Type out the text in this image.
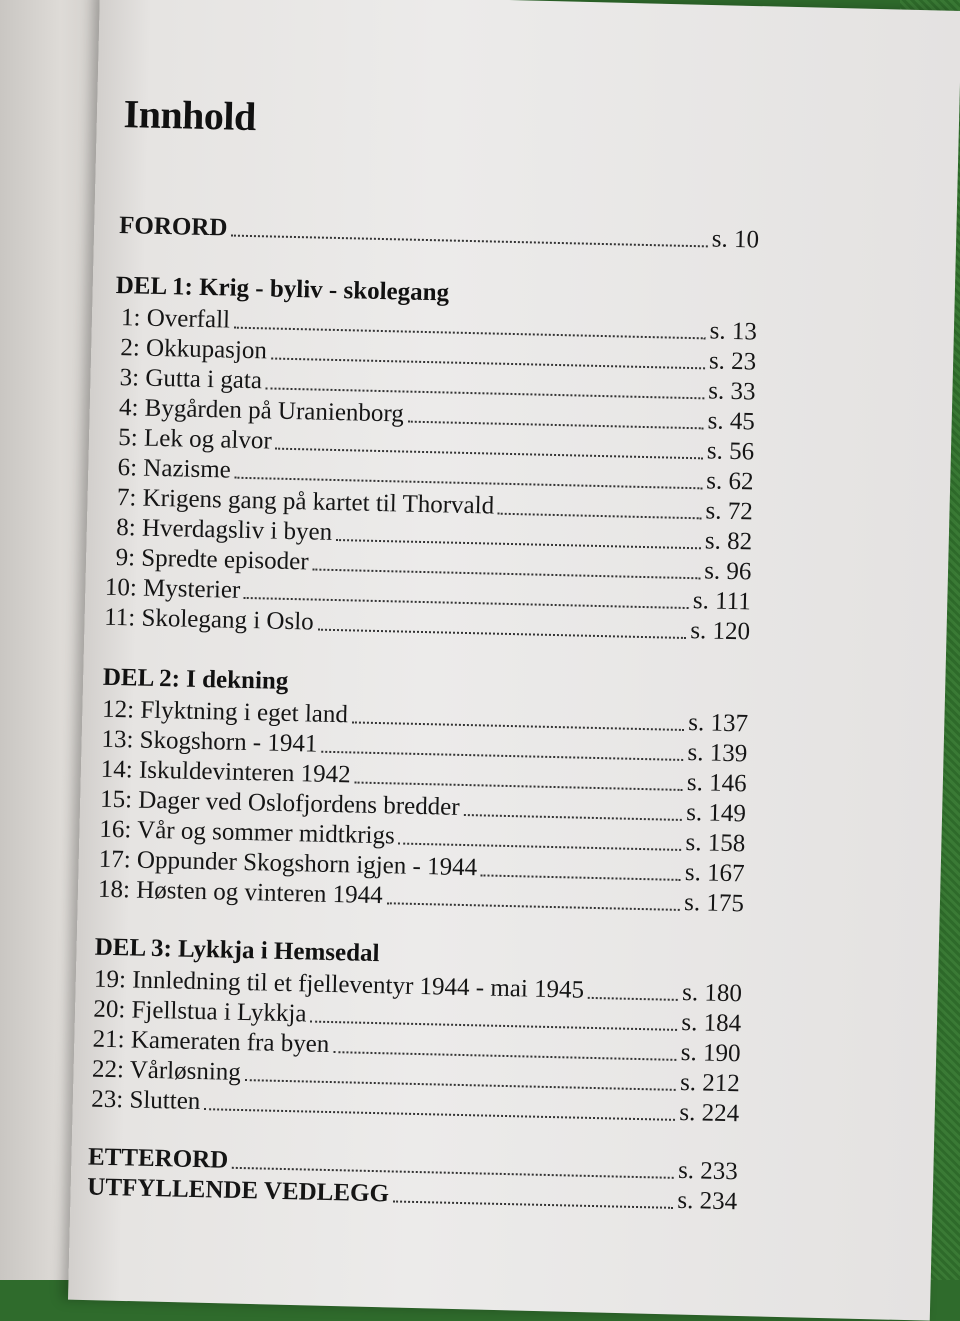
Innhold
FORORD	s. 10
DEL 1: Krig - byliv - skolegang
1: Overfall	s. 13
2: Okkupasjon	s. 23
3: Gutta i gata	s. 33
4: Bygården på Uranienborg	s. 45
5: Lek og alvor	s. 56
6: Nazisme	s. 62
7: Krigens gang på kartet til Thorvald	s. 72
8: Hverdagsliv i byen	s. 82
9: Spredte episoder	s. 96
10: Mysterier	s. 111
11: Skolegang i Oslo	s. 120
DEL 2: I dekning
12: Flyktning i eget land	s. 137
13: Skogshorn - 1941	s. 139
14: Iskuldevinteren 1942	s. 146
15: Dager ved Oslofjordens bredder	s. 149
16: Vår og sommer midtkrigs	s. 158
17: Oppunder Skogshorn igjen - 1944	s. 167
18: Høsten og vinteren 1944	s. 175
DEL 3: Lykkja i Hemsedal
19: Innledning til et fjelleventyr 1944 - mai 1945	s. 180
20: Fjellstua i Lykkja	s. 184
21: Kameraten fra byen	s. 190
22: Vårløsning	s. 212
23: Slutten	s. 224
ETTERORD	s. 233
UTFYLLENDE VEDLEGG	s. 234
